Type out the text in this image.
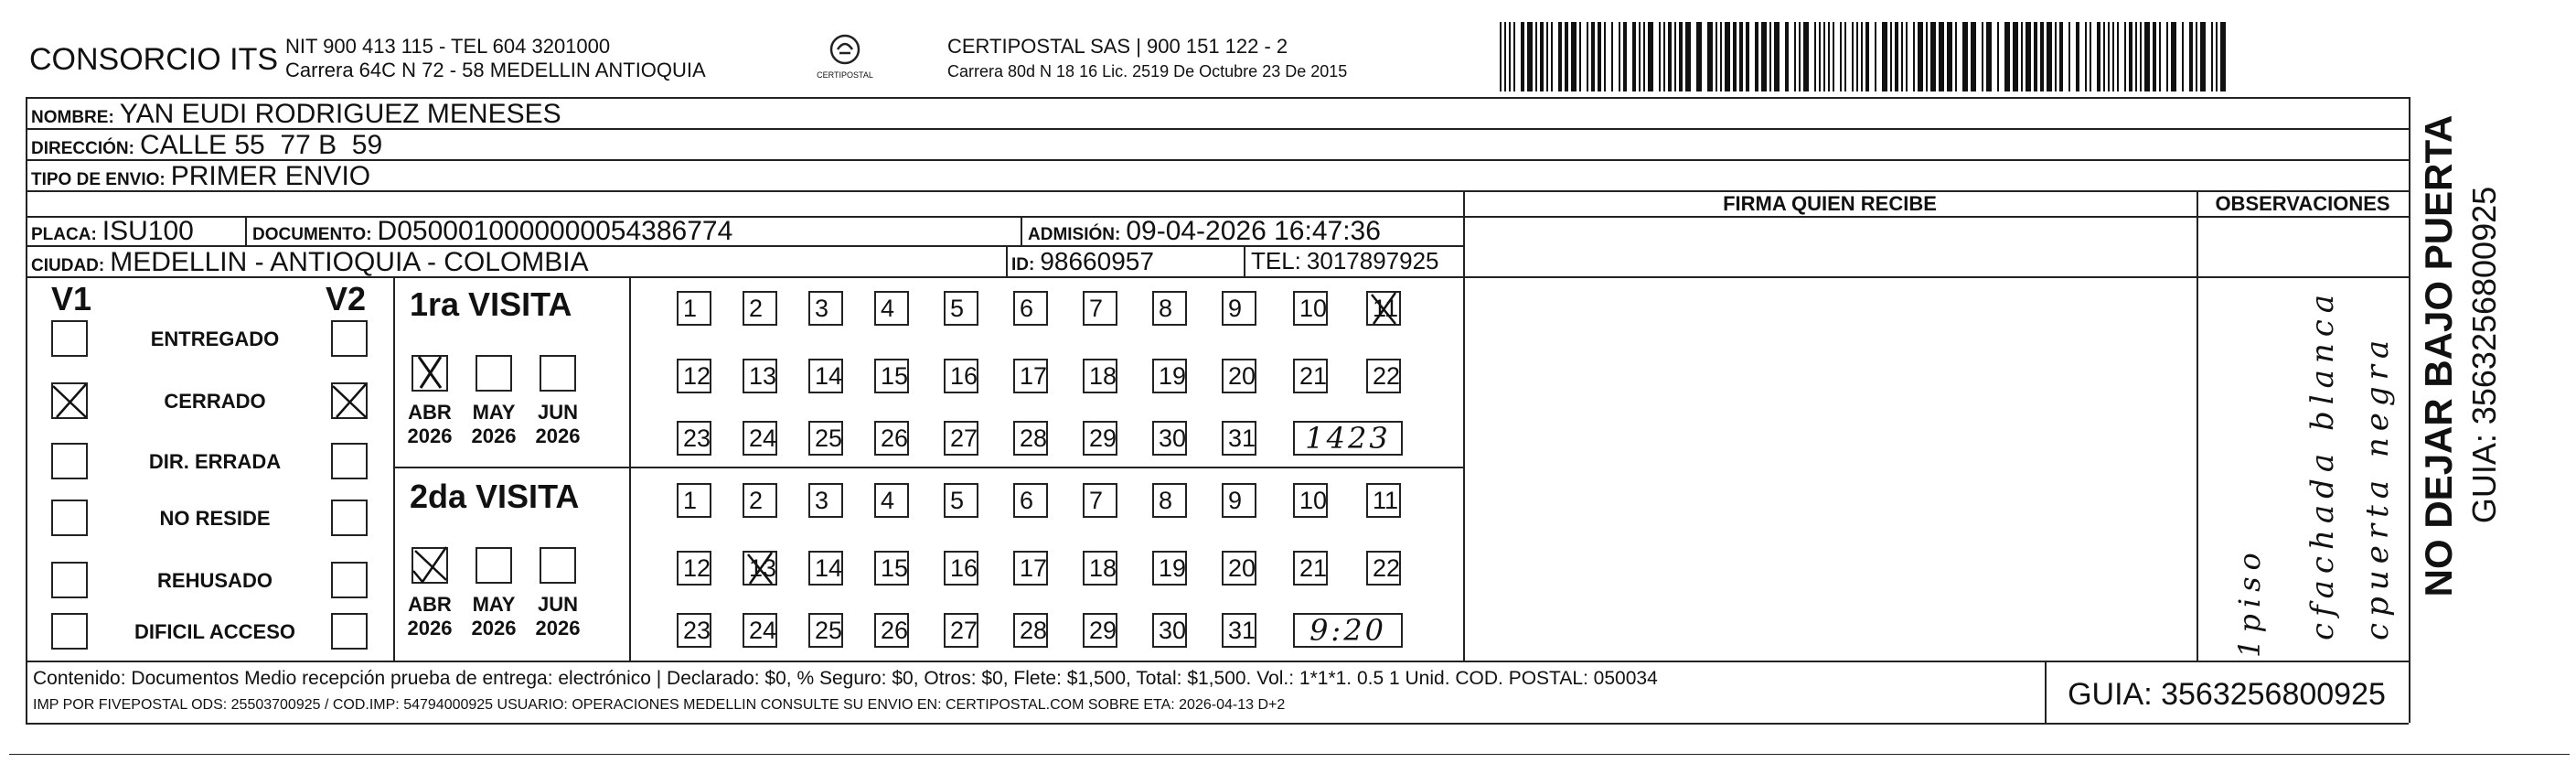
CONSORCIO ITS NIT 900 413 115 - TEL 604 3201000
Carrera 64C N 72 - 58 MEDELLIN ANTIOQUIA	CERTIPOSTAL
CERTIPOSTAL SAS | 900 151 122 - 2
Carrera 80d N 18 16 Lic. 2519 De Octubre 23 De 2015
NOMBRE: YAN EUDI RODRIGUEZ MENESES
DIRECCIÓN: CALLE 55  77 B  59
TIPO DE ENVIO: PRIMER ENVIO
FIRMA QUIEN RECIBE	OBSERVACIONES
PLACA: ISU100	DOCUMENTO: D0500010000000054386774	ADMISIÓN: 09-04-2026 16:47:36
CIUDAD: MEDELLIN - ANTIOQUIA - COLOMBIA	ID: 98660957	TEL: 3017897925
V1	V2
ENTREGADO
CERRADO
DIR. ERRADA
NO RESIDE
REHUSADO
DIFICIL ACCESO
1ra VISITA
ABR
2026
MAY
2026
JUN
2026
1	2	3	4	5	6	7	8	9	10 11
12 13 14 15 16 17 18 19 20 21 22
23 24 25 26 27 28 29 30 31	1423
2da VISITA
ABR
2026
MAY
2026
JUN
2026
1	2	3	4	5	6	7	8	9	10 11
12 13 14 15 16 17 18 19 20 21 22
23 24 25 26 27 28 29 30 31	9:20	cfachada blanca cpuerta negra
1piso
NO DEJAR BAJO PUERTA GUIA: 3563256800925
Contenido: Documentos Medio recepción prueba de entrega: electrónico | Declarado: $0, % Seguro: $0, Otros: $0, Flete: $1,500, Total: $1,500. Vol.: 1*1*1. 0.5 1 Unid. COD. POSTAL: 050034
IMP POR FIVEPOSTAL ODS: 25503700925 / COD.IMP: 54794000925 USUARIO: OPERACIONES MEDELLIN CONSULTE SU ENVIO EN: CERTIPOSTAL.COM SOBRE ETA: 2026-04-13 D+2	GUIA: 3563256800925
